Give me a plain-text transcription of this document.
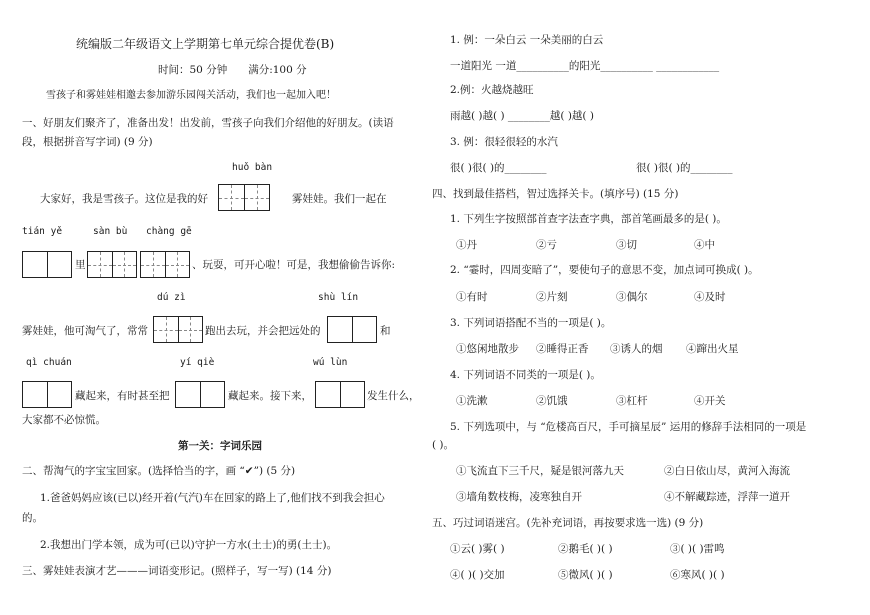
统编版二年级语文上学期第七单元综合提优卷(B)
时间：50 分钟　　满分:100 分
雪孩子和雾娃娃相邀去参加游乐园闯关活动，我们也一起加入吧！
一、好朋友们聚齐了，准备出发！出发前，雪孩子向我们介绍他的好朋友。(读语
段，根据拼音写字词) (9 分)
huǒ bàn
大家好，我是雪孩子。这位是我的好	雾娃娃。我们一起在
tián yě	sàn bù chàng gē
里	、玩耍，可开心啦！可是，我想偷偷告诉你:
dú zì	shù lín
雾娃娃，他可淘气了，常常	跑出去玩，并会把远处的	和
qì chuán	yí qiè	wú lùn
藏起来，有时甚至把	藏起来。接下来，	发生什么，
大家都不必惊慌。
第一关：字词乐园
二、帮淘气的字宝宝回家。(选择恰当的字，画 “✔”) (5 分)
1.爸爸妈妈应该(已以)经开着(气汽)车在回家的路上了,他们找不到我会担心
的。
2.我想出门学本领，成为可(已以)守护一方水(土士)的勇(土士)。
三、雾娃娃表演才艺———词语变形记。(照样子，写一写) (14 分)
1. 例：一朵白云 一朵美丽的白云
一道阳光 一道__________的阳光__________ ____________
2.例：火越烧越旺
雨越( )越( ) ________越( )越( )
3. 例：很轻很轻的水汽
很( )很( )的________	很( )很( )的________
四、找到最佳搭档，智过选择关卡。(填序号) (15 分)
1. 下列生字按照部首查字法查字典，部首笔画最多的是( )。
①丹	②亏	③切	④中
2. “霎时，四周变暗了”，要使句子的意思不变，加点词可换成( )。
①有时	②片刻	③偶尔	④及时
3. 下列词语搭配不当的一项是( )。
①悠闲地散步 ②睡得正香 ③诱人的烟 ④蹿出火星
4. 下列词语不同类的一项是( )。
①洗漱	②饥饿	③杠杆	④开关
5. 下列选项中，与 “危楼高百尺，手可摘星辰” 运用的修辞手法相同的一项是
( )。
①飞流直下三千尺，疑是银河落九天	②白日依山尽，黄河入海流
③墙角数枝梅，凌寒独自开	④不解藏踪迹，浮萍一道开
五、巧过词语迷宫。(先补充词语，再按要求选一选) (9 分)
①云( )雾( )	②鹅毛( )( )	③( )( )雷鸣
④( )( )交加	⑤微风( )( )	⑥寒风( )( )
